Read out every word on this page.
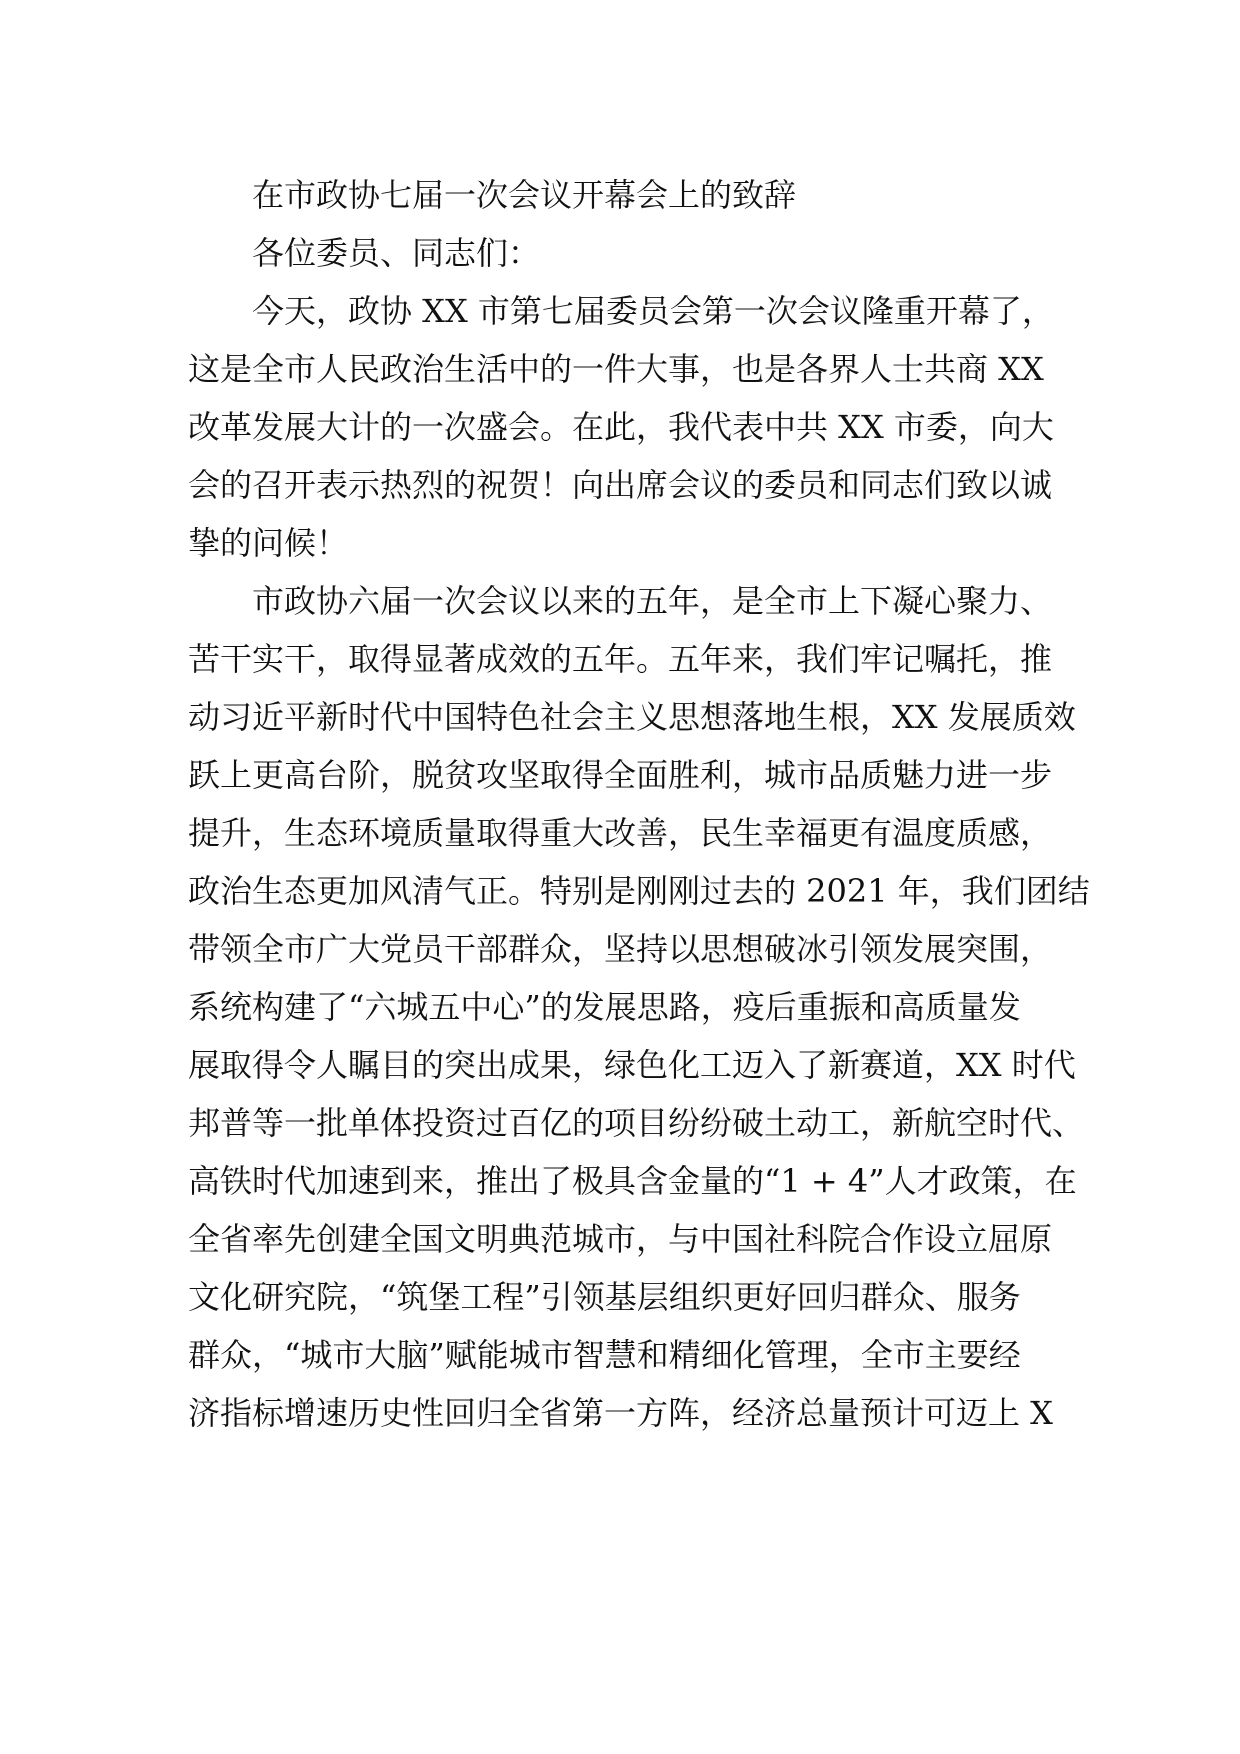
在市政协七届一次会议开幕会上的致辞
各位委员、同志们：
今天，政协 XX 市第七届委员会第一次会议隆重开幕了，
这是全市人民政治生活中的一件大事，也是各界人士共商 XX
改革发展大计的一次盛会。在此，我代表中共 XX 市委，向大
会的召开表示热烈的祝贺！向出席会议的委员和同志们致以诚
挚的问候！
市政协六届一次会议以来的五年，是全市上下凝心聚力、
苦干实干，取得显著成效的五年。五年来，我们牢记嘱托，推
动习近平新时代中国特色社会主义思想落地生根，XX 发展质效
跃上更高台阶，脱贫攻坚取得全面胜利，城市品质魅力进一步
提升，生态环境质量取得重大改善，民生幸福更有温度质感，
政治生态更加风清气正。特别是刚刚过去的 2021 年，我们团结
带领全市广大党员干部群众，坚持以思想破冰引领发展突围，
系统构建了“六城五中心”的发展思路，疫后重振和高质量发
展取得令人瞩目的突出成果，绿色化工迈入了新赛道，XX 时代
邦普等一批单体投资过百亿的项目纷纷破土动工，新航空时代、
高铁时代加速到来，推出了极具含金量的“1 + 4”人才政策，在
全省率先创建全国文明典范城市，与中国社科院合作设立屈原
文化研究院，“筑堡工程”引领基层组织更好回归群众、服务
群众，“城市大脑”赋能城市智慧和精细化管理，全市主要经
济指标增速历史性回归全省第一方阵，经济总量预计可迈上 X
